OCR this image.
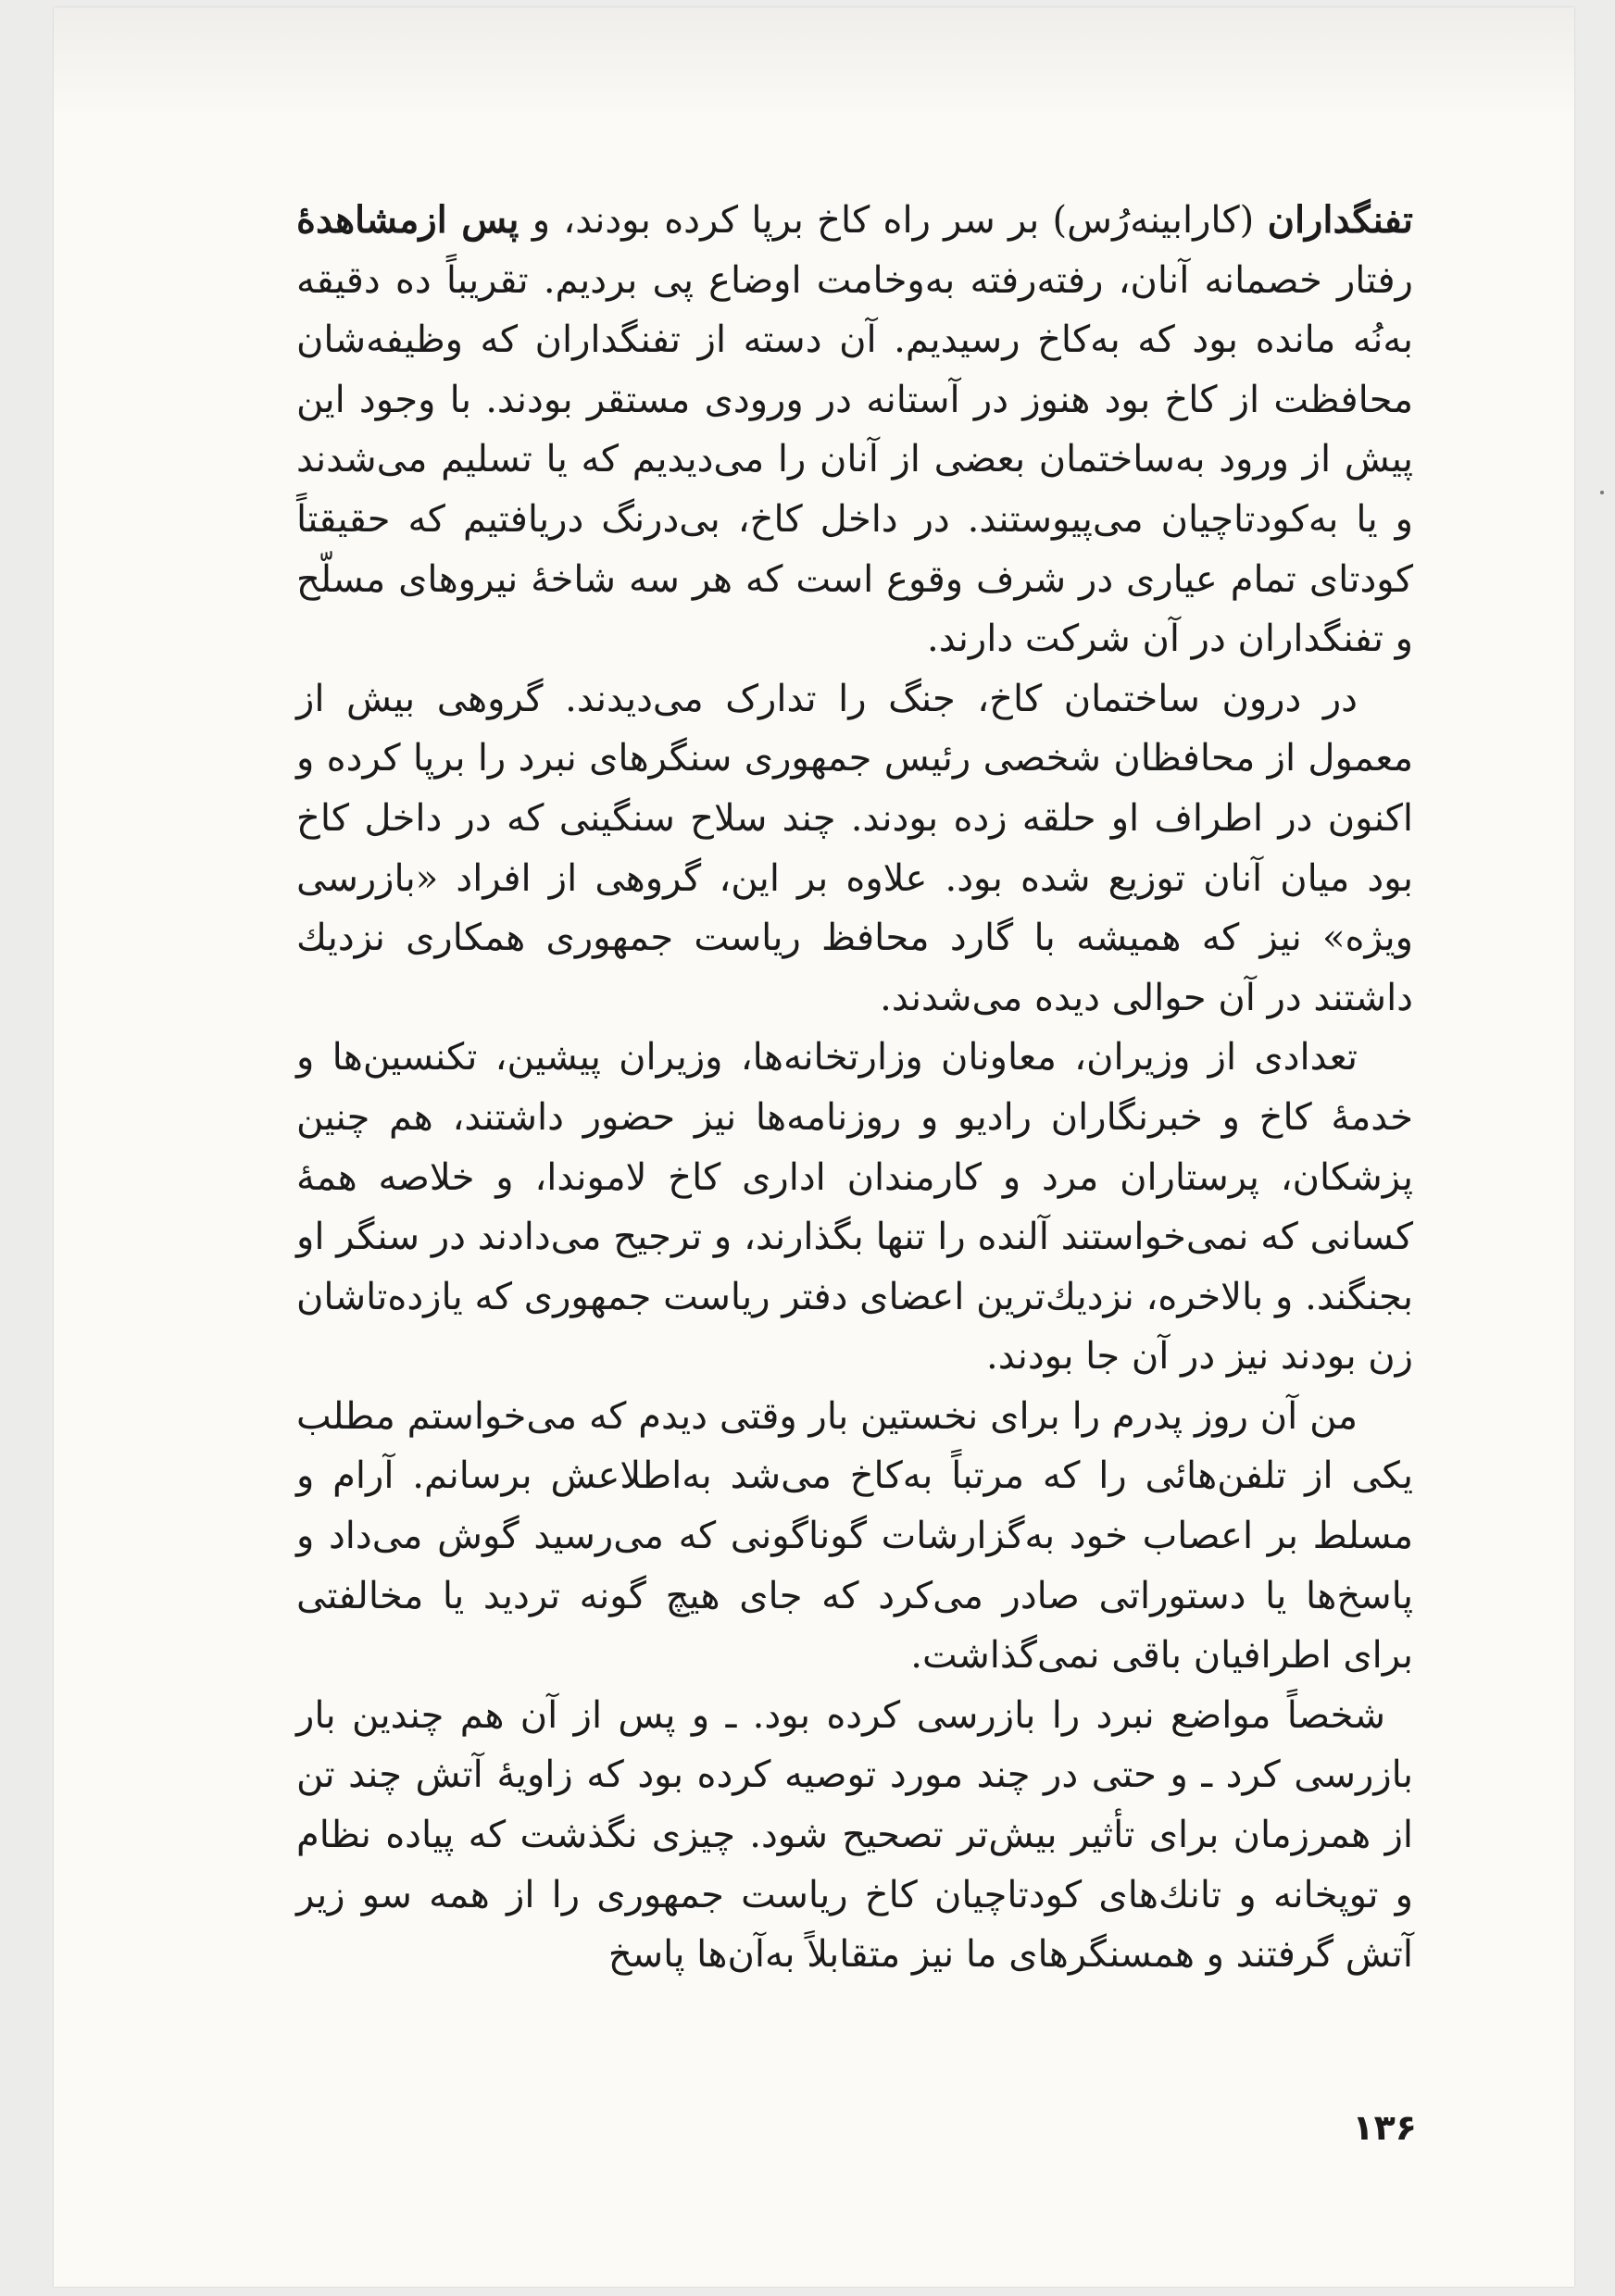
تفنگداران (کارابینه‌رُس) بر سر راه کاخ برپا کرده بودند، و پس ازمشاهدهٔ رفتار خصمانه آنان، رفته‌رفته به‌وخامت اوضاع پی بردیم. تقریباً ده دقیقه به‌نُه مانده بود که به‌کاخ رسیدیم. آن دسته از تفنگداران که وظیفه‌شان محافظت از کاخ بود هنوز در آستانه در ورودی مستقر بودند. با وجود این پیش از ورود به‌ساختمان بعضی از آنان را می‌دیدیم که یا تسلیم می‌شدند و یا به‌کودتاچیان می‌پیوستند. در داخل کاخ، بی‌درنگ دریافتیم که حقیقتاً کودتای تمام عیاری در شرف وقوع است که هر سه شاخهٔ نیروهای مسلّح و تفنگداران در آن شرکت دارند.

در درون ساختمان کاخ، جنگ را تدارک می‌دیدند. گروهی بیش از معمول از محافظان شخصی رئیس جمهوری سنگرهای نبرد را برپا کرده و اکنون در اطراف او حلقه زده بودند. چند سلاح سنگینی که در داخل کاخ بود میان آنان توزیع شده بود. علاوه بر این، گروهی از افراد «بازرسی ویژه» نیز که همیشه با گارد محافظ ریاست جمهوری همکاری نزدیك داشتند در آن حوالی دیده می‌شدند.

تعدادی از وزیران، معاونان وزارتخانه‌ها، وزیران پیشین، تکنسین‌ها و خدمهٔ کاخ و خبرنگاران رادیو و روزنامه‌ها نیز حضور داشتند، هم چنین پزشکان، پرستاران مرد و کارمندان اداری کاخ لاموندا، و خلاصه همهٔ کسانی که نمی‌خواستند آلنده را تنها بگذارند، و ترجیح می‌دادند در سنگر او بجنگند. و بالاخره، نزدیك‌ترین اعضای دفتر ریاست جمهوری که یازده‌تاشان زن بودند نیز در آن جا بودند.

من آن روز پدرم را برای نخستین بار وقتی دیدم که می‌خواستم مطلب یکی از تلفن‌هائی را که مرتباً به‌کاخ می‌شد به‌اطلاعش برسانم. آرام و مسلط بر اعصاب خود به‌گزارشات گوناگونی که می‌رسید گوش می‌داد و پاسخ‌ها یا دستوراتی صادر می‌کرد که جای هیچ گونه تردید یا مخالفتی برای اطرافیان باقی نمی‌گذاشت.

شخصاً مواضع نبرد را بازرسی کرده بود. ـ و پس از آن هم چندین بار بازرسی کرد ـ و حتی در چند مورد توصیه کرده بود که زاویهٔ آتش چند تن از همرزمان برای تأثیر بیش‌تر تصحیح شود. چیزی نگذشت که پیاده نظام و توپخانه و تانك‌های کودتاچیان کاخ ریاست جمهوری را از همه سو زیر آتش گرفتند و همسنگرهای ما نیز متقابلاً به‌آن‌ها پاسخ

۱۳۶
